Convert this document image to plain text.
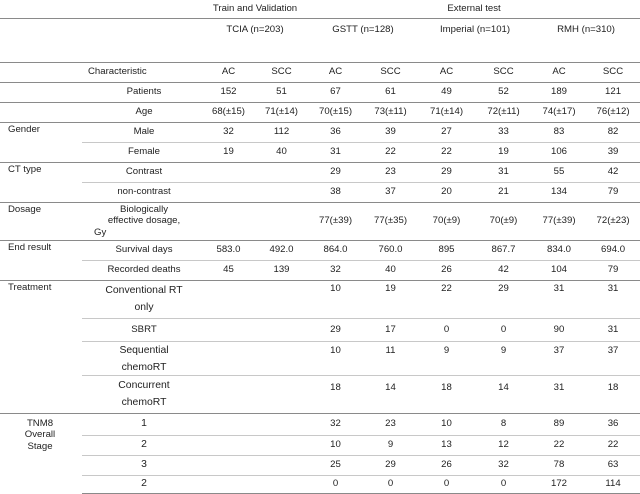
		Train and Validation		External test					
		TCIA (n=203)		GSTT (n=128)		Imperial (n=101)		RMH (n=310)	

	Characteristic	AC	SCC	AC	SCC	AC	SCC	AC	SCC
	Patients	152	51	67	61	49	52	189	121
	Age	68(±15)	71(±14)	70(±15)	73(±11)	71(±14)	72(±11)	74(±17)	76(±12)
Gender	Male	32	112	36	39	27	33	83	82
	Female	19	40	31	22	22	19	106	39
CT type	Contrast			29	23	29	31	55	42
	non-contrast			38	37	20	21	134	79
Dosage	Biologically
effective dosage,
Gy			77(±39)	77(±35)	70(±9)	70(±9)	77(±39)	72(±23)
End result	Survival days	583.0	492.0	864.0	760.0	895	867.7	834.0	694.0
	Recorded deaths	45	139	32	40	26	42	104	79
Treatment	Conventional RT
only			10	19	22	29	31	31
	SBRT			29	17	0	0	90	31

	Sequential
chemoRT			10	11	9	9	37	37

	Concurrent
chemoRT			18	14	18	14	31	18

TNM8
Overall
Stage	1			32	23	10	8	89	36
	2			10	9	13	12	22	22
	3			25	29	26	32	78	63
	2			0	0	0	0	172	114
